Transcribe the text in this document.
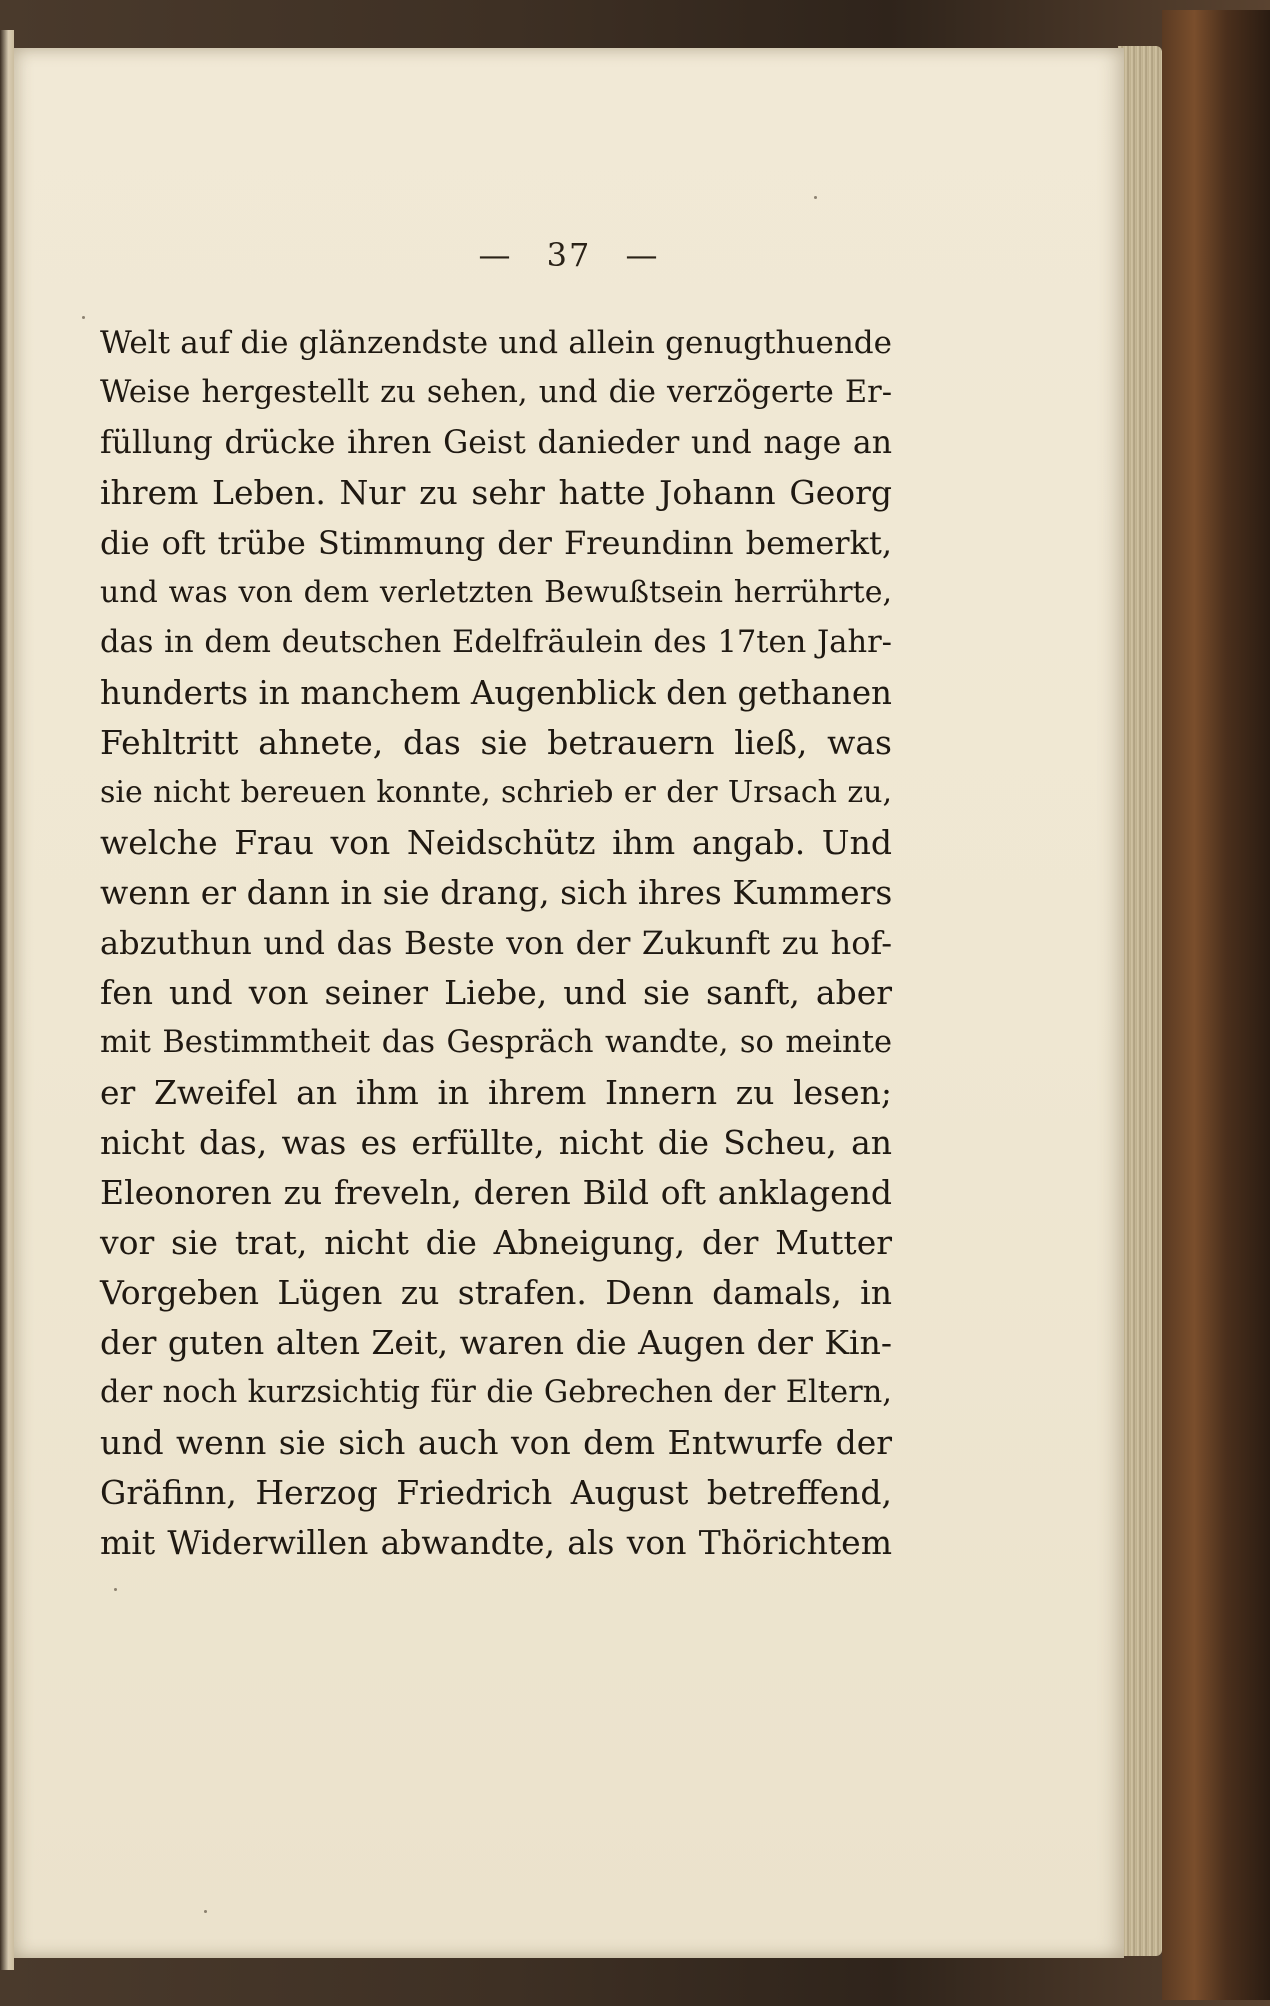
— 37 —
Welt auf die glänzendste und allein genugthuende
Weise hergestellt zu sehen, und die verzögerte Er-
füllung drücke ihren Geist danieder und nage an
ihrem Leben. Nur zu sehr hatte Johann Georg
die oft trübe Stimmung der Freundinn bemerkt,
und was von dem verletzten Bewußtsein herrührte,
das in dem deutschen Edelfräulein des 17ten Jahr-
hunderts in manchem Augenblick den gethanen
Fehltritt ahnete, das sie betrauern ließ, was
sie nicht bereuen konnte, schrieb er der Ursach zu,
welche Frau von Neidschütz ihm angab. Und
wenn er dann in sie drang, sich ihres Kummers
abzuthun und das Beste von der Zukunft zu hof-
fen und von seiner Liebe, und sie sanft, aber
mit Bestimmtheit das Gespräch wandte, so meinte
er Zweifel an ihm in ihrem Innern zu lesen;
nicht das, was es erfüllte, nicht die Scheu, an
Eleonoren zu freveln, deren Bild oft anklagend
vor sie trat, nicht die Abneigung, der Mutter
Vorgeben Lügen zu strafen. Denn damals, in
der guten alten Zeit, waren die Augen der Kin-
der noch kurzsichtig für die Gebrechen der Eltern,
und wenn sie sich auch von dem Entwurfe der
Gräfinn, Herzog Friedrich August betreffend,
mit Widerwillen abwandte, als von Thörichtem
